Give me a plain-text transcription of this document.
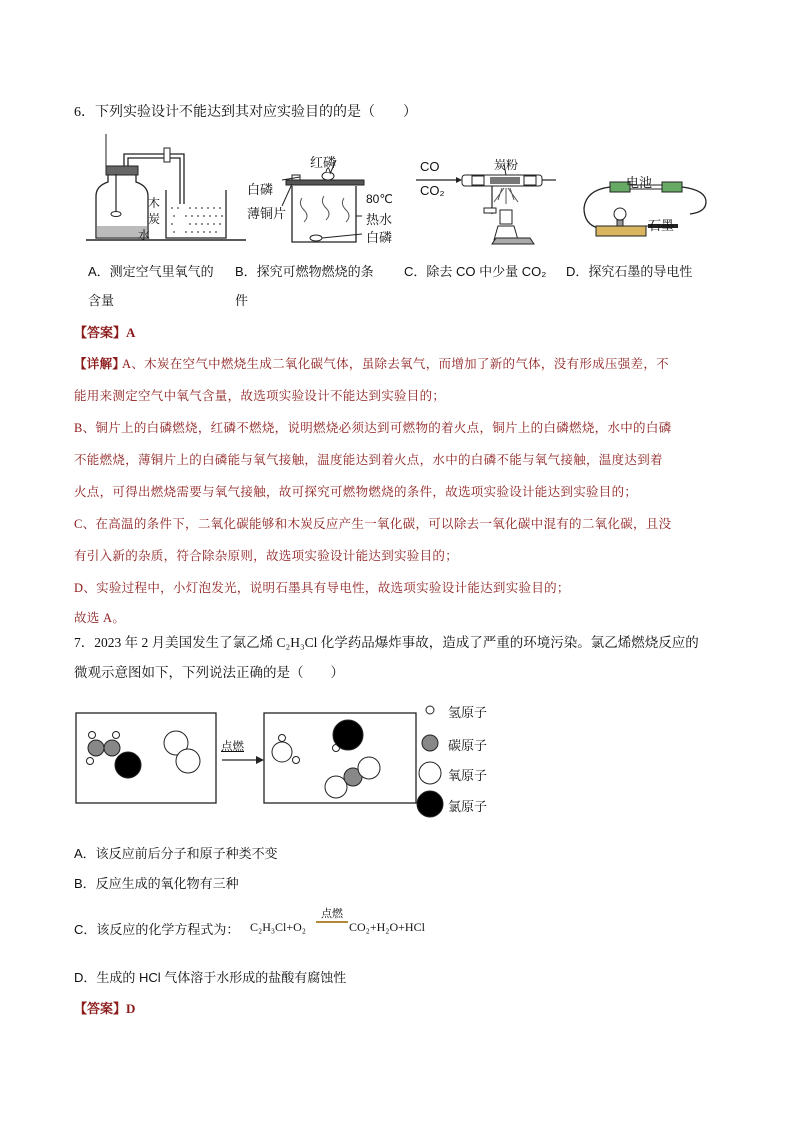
6．下列实验设计不能达到其对应实验目的的是（　　）
木
炭
水
红磷
白磷
薄铜片
80℃
热水
白磷
CO
CO₂
炭粉
电池
石墨
A．测定空气里氧气的
含量
B．探究可燃物燃烧的条
件
C．除去 CO 中少量 CO₂ D．探究石墨的导电性
【答案】A
【详解】
A、木炭在空气中燃烧生成二氧化碳气体，虽除去氧气，而增加了新的气体，没有形成压强差，不
能用来测定空气中氧气含量，故选项实验设计不能达到实验目的；
B、铜片上的白磷燃烧，红磷不燃烧，说明燃烧必须达到可燃物的着火点，铜片上的白磷燃烧，水中的白磷
不能燃烧，薄铜片上的白磷能与氧气接触，温度能达到着火点，水中的白磷不能与氧气接触，温度达到着
火点，可得出燃烧需要与氧气接触，故可探究可燃物燃烧的条件，故选项实验设计能达到实验目的；
C、在高温的条件下，二氧化碳能够和木炭反应产生一氧化碳，可以除去一氧化碳中混有的二氧化碳，且没
有引入新的杂质，符合除杂原则，故选项实验设计能达到实验目的；
D、实验过程中，小灯泡发光，说明石墨具有导电性，故选项实验设计能达到实验目的；
故选 A。
7．2023 年 2 月美国发生了氯乙烯 C₂H₃Cl 化学药品爆炸事故，造成了严重的环境污染。氯乙烯燃烧反应的
微观示意图如下，下列说法正确的是（　　）
点燃
氢原子
碳原子
氧原子
氯原子
A．该反应前后分子和原子种类不变
B．反应生成的氧化物有三种
C．该反应的化学方程式为： C₂H₃Cl+O₂
点燃
CO₂+H₂O+HCl
D．生成的 HCl 气体溶于水形成的盐酸有腐蚀性
【答案】D
